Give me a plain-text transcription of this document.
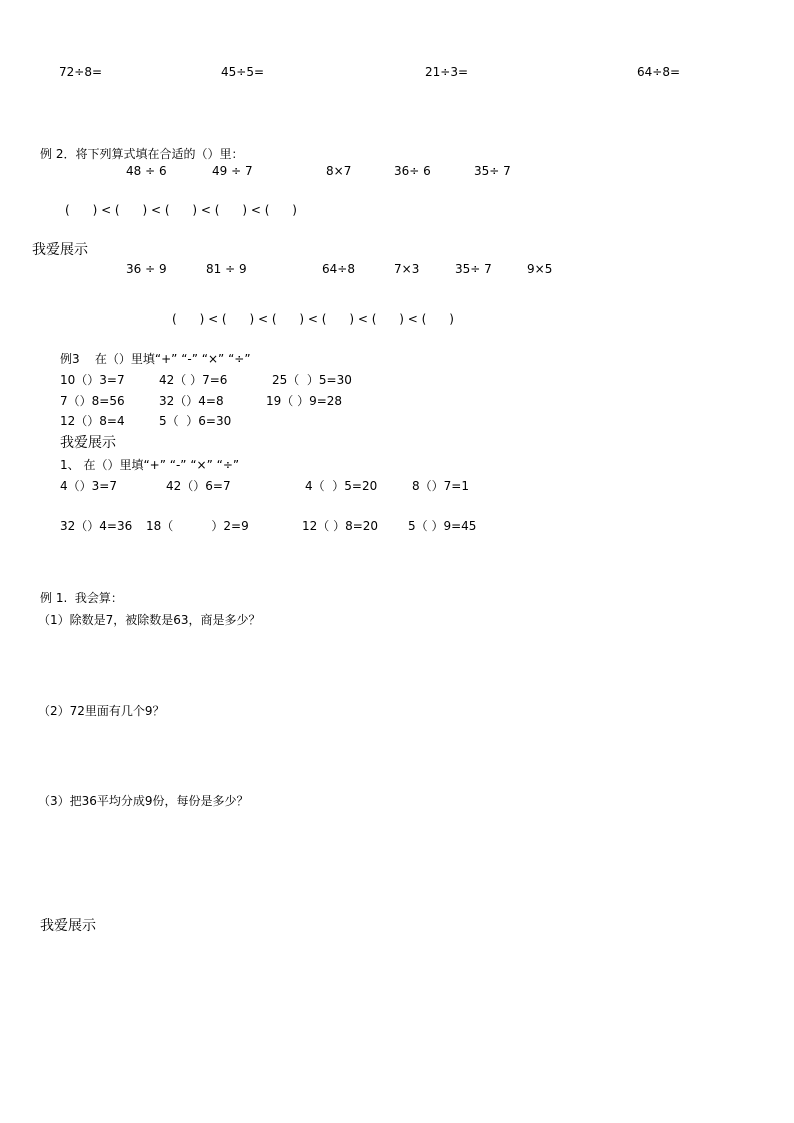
72÷8=	45÷5=	21÷3=	64÷8=
例 2．将下列算式填在合适的（）里：
48 ÷ 6	49 ÷ 7	8×7	36÷ 6	35÷ 7
(      ) < (      ) < (      ) < (      ) < (      )
我爱展示
36 ÷ 9	81 ÷ 9	64÷8	7×3	35÷ 7	9×5
(      ) < (      ) < (      ) < (      ) < (      ) < (      )
例3    在（）里填“+” “-” “×” “÷”
10（）3=7	42（ ）7=6	25（  ）5=30
7（）8=56	32（）4=8	19（ ）9=28
12（）8=4	5（  ）6=30
我爱展示
1、 在（）里填“+” “-” “×” “÷”
4（）3=7	42（）6=7	4（  ）5=20	8（）7=1
32（）4=36 18（          ）2=9	12（ ）8=20 5（ ）9=45
例 1.  我会算：
（1）除数是7，被除数是63，商是多少？
（2）72里面有几个9？
（3）把36平均分成9份，每份是多少？
我爱展示
